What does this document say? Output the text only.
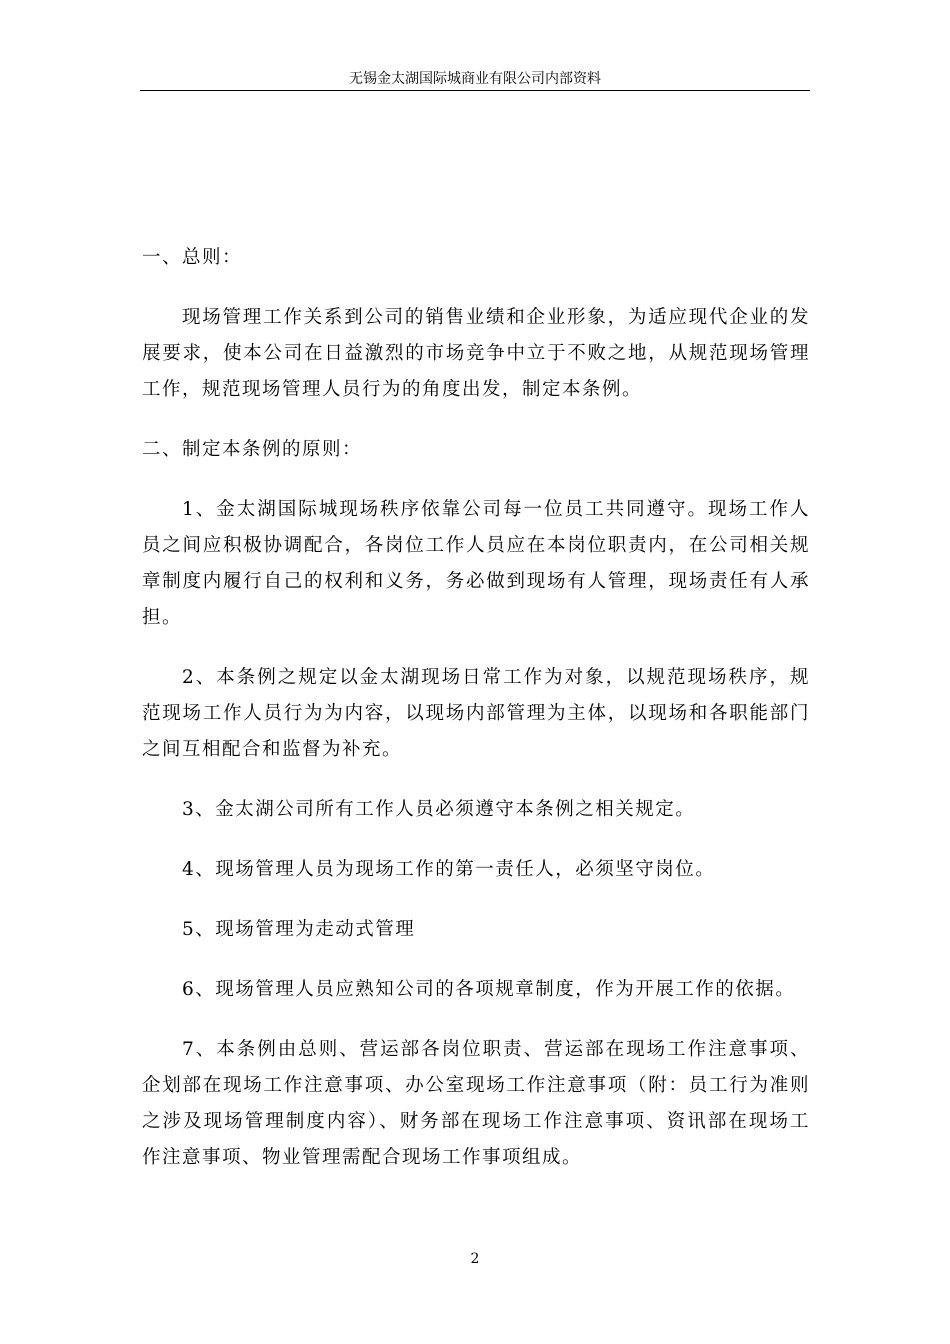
无锡金太湖国际城商业有限公司内部资料

一、总则：

现场管理工作关系到公司的销售业绩和企业形象，为适应现代企业的发展要求，使本公司在日益激烈的市场竞争中立于不败之地，从规范现场管理工作，规范现场管理人员行为的角度出发，制定本条例。

二、制定本条例的原则：

1、金太湖国际城现场秩序依靠公司每一位员工共同遵守。现场工作人员之间应积极协调配合，各岗位工作人员应在本岗位职责内，在公司相关规章制度内履行自己的权利和义务，务必做到现场有人管理，现场责任有人承担。

2、本条例之规定以金太湖现场日常工作为对象，以规范现场秩序，规范现场工作人员行为为内容，以现场内部管理为主体，以现场和各职能部门之间互相配合和监督为补充。

3、金太湖公司所有工作人员必须遵守本条例之相关规定。

4、现场管理人员为现场工作的第一责任人，必须坚守岗位。

5、现场管理为走动式管理

6、现场管理人员应熟知公司的各项规章制度，作为开展工作的依据。

7、本条例由总则、营运部各岗位职责、营运部在现场工作注意事项、企划部在现场工作注意事项、办公室现场工作注意事项（附：员工行为准则之涉及现场管理制度内容）、财务部在现场工作注意事项、资讯部在现场工作注意事项、物业管理需配合现场工作事项组成。

2
